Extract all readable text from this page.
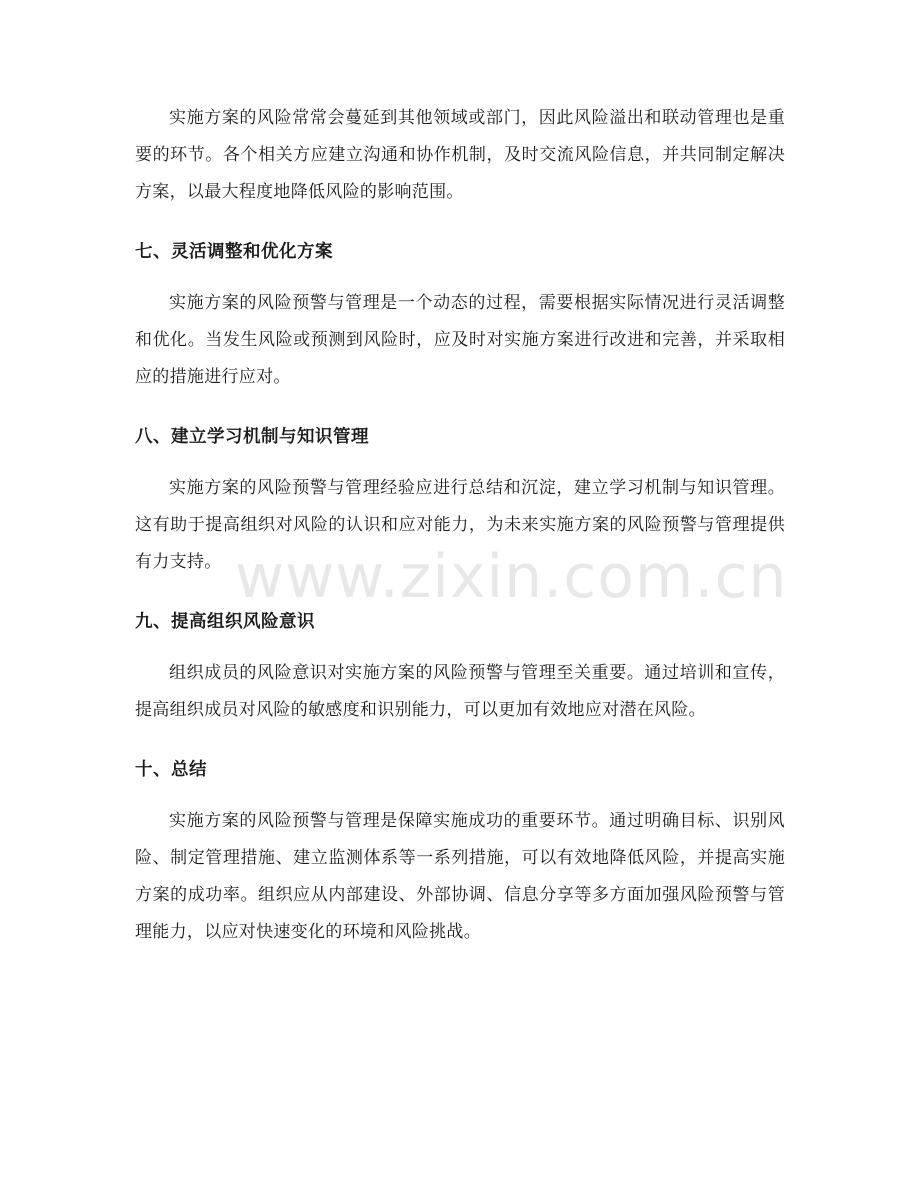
实施方案的风险常常会蔓延到其他领域或部门，因此风险溢出和联动管理也是重要的环节。各个相关方应建立沟通和协作机制，及时交流风险信息，并共同制定解决方案，以最大程度地降低风险的影响范围。

七、灵活调整和优化方案

实施方案的风险预警与管理是一个动态的过程，需要根据实际情况进行灵活调整和优化。当发生风险或预测到风险时，应及时对实施方案进行改进和完善，并采取相应的措施进行应对。

八、建立学习机制与知识管理

实施方案的风险预警与管理经验应进行总结和沉淀，建立学习机制与知识管理。这有助于提高组织对风险的认识和应对能力，为未来实施方案的风险预警与管理提供有力支持。

九、提高组织风险意识

组织成员的风险意识对实施方案的风险预警与管理至关重要。通过培训和宣传，提高组织成员对风险的敏感度和识别能力，可以更加有效地应对潜在风险。

十、总结

实施方案的风险预警与管理是保障实施成功的重要环节。通过明确目标、识别风险、制定管理措施、建立监测体系等一系列措施，可以有效地降低风险，并提高实施方案的成功率。组织应从内部建设、外部协调、信息分享等多方面加强风险预警与管理能力，以应对快速变化的环境和风险挑战。

www.zixin.com.cn
